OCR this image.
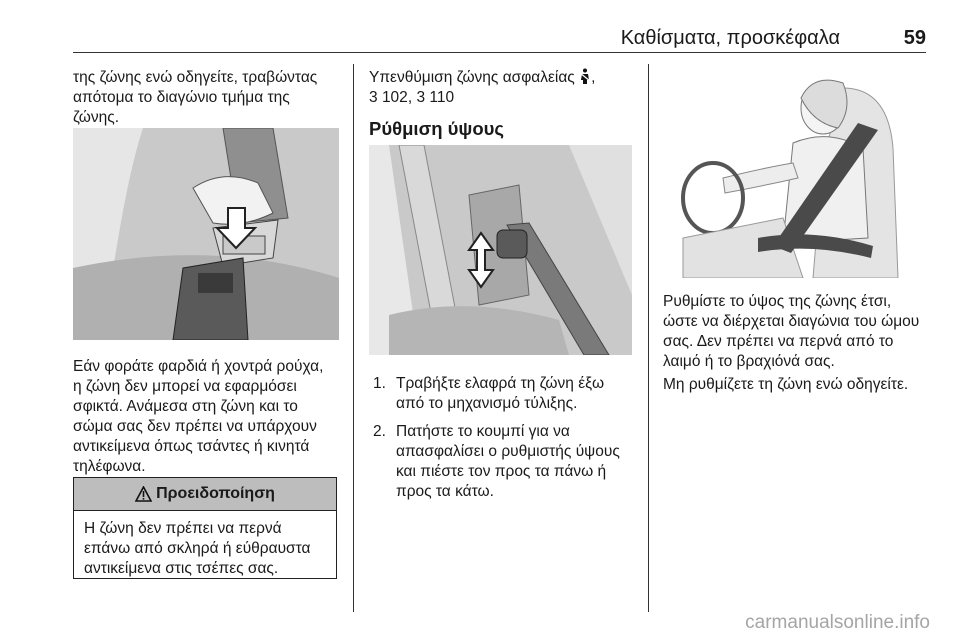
Καθίσματα, προσκέφαλα	59

της ζώνης ενώ οδηγείτε, τραβώντας
απότομα το διαγώνιο τμήμα της
ζώνης.

Εάν φοράτε φαρδιά ή χοντρά ρούχα,
η ζώνη δεν μπορεί να εφαρμόσει
σφικτά. Ανάμεσα στη ζώνη και το
σώμα σας δεν πρέπει να υπάρχουν
αντικείμενα όπως τσάντες ή κινητά
τηλέφωνα.

Προειδοποίηση
Η ζώνη δεν πρέπει να περνά
επάνω από σκληρά ή εύθραυστα
αντικείμενα στις τσέπες σας.

Υπενθύμιση ζώνης ασφαλείας ,
3 102, 3 110

Ρύθμιση ύψους
1. Τραβήξτε ελαφρά τη ζώνη έξω
από το μηχανισμό τύλιξης.
2. Πατήστε το κουμπί για να
απασφαλίσει ο ρυθμιστής ύψους
και πιέστε τον προς τα πάνω ή
προς τα κάτω.

Ρυθμίστε το ύψος της ζώνης έτσι,
ώστε να διέρχεται διαγώνια του ώμου
σας. Δεν πρέπει να περνά από το
λαιμό ή το βραχιόνά σας.

Μη ρυθμίζετε τη ζώνη ενώ οδηγείτε.

carmanualsonline.info
